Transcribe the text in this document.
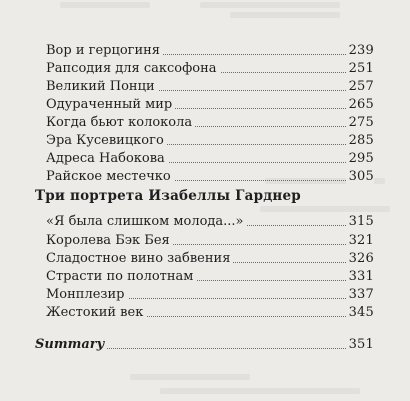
Вор и герцогиня	239
Рапсодия для саксофона	251
Великий Понци	257
Одураченный мир	265
Когда бьют колокола	275
Эра Кусевицкого	285
Адреса Набокова	295
Райское местечко	305
Три портрета Изабеллы Гарднер
«Я была слишком молода...»	315
Королева Бэк Бея	321
Сладостное вино забвения	326
Страсти по полотнам	331
Монплезир	337
Жестокий век	345
Summary	351
